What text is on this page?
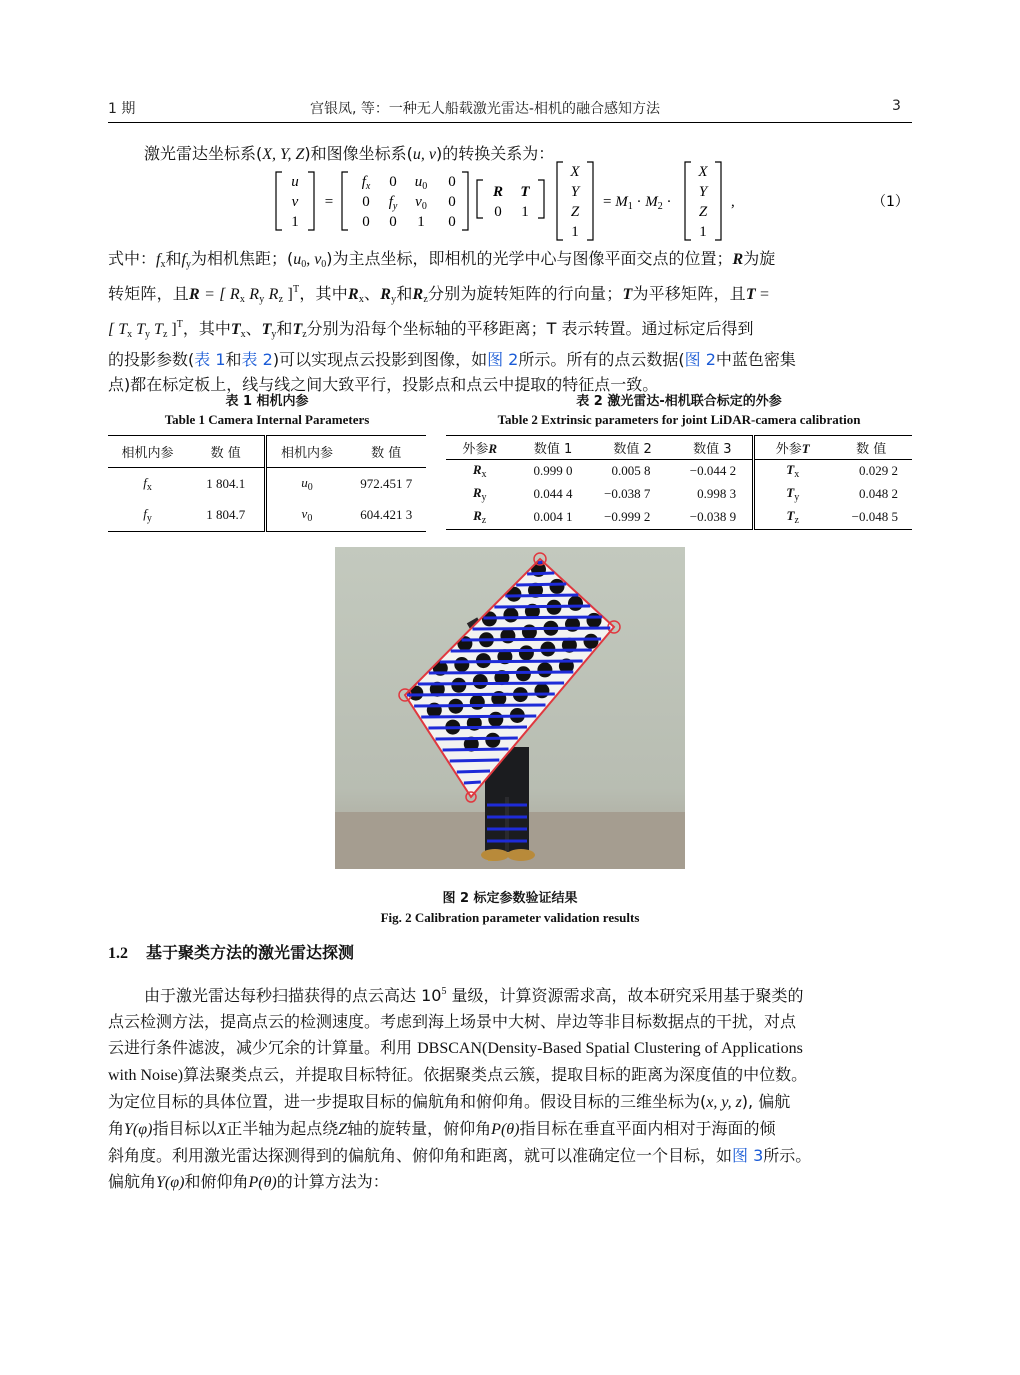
1 期	宫银凤, 等：一种无人船载激光雷达-相机的融合感知方法	3
激光雷达坐标系(X, Y, Z)和图像坐标系(u, v)的转换关系为：
u
v
1
=
$f_x$ 0 $u_0$ 0
0 $f_y$ $v_0$ 0
0 0 1 0
R T
0 1
X
Y
Z
1
= $M_1 \cdot M_2$ ·
X
Y
Z
1
,	（1）
式中：$f_x$和$f_y$为相机焦距；($u_0$, $v_0$)为主点坐标，即相机的光学中心与图像平面交点的位置；R为旋
转矩阵，且R = [ $R_x$ $R_y$ $R_z$ ]$^T$，其中$R_x$、$R_y$和$R_z$分别为旋转矩阵的行向量；T为平移矩阵，且T =
[ $T_x$ $T_y$ $T_z$ ]$^T$，其中$T_x$、$T_y$和$T_z$分别为沿每个坐标轴的平移距离；T 表示转置。通过标定后得到
的投影参数(表 1和表 2)可以实现点云投影到图像，如图 2所示。所有的点云数据(图 2中蓝色密集
点)都在标定板上，线与线之间大致平行，投影点和点云中提取的特征点一致。
表 1 相机内参
Table 1 Camera Internal Parameters
相机内参	数 值	相机内参	数 值
$f_x$	1 804.1	$u_0$	972.451 7
$f_y$	1 804.7	$v_0$	604.421 3
表 2 激光雷达-相机联合标定的外参
Table 2 Extrinsic parameters for joint LiDAR-camera calibration
外参R	数值 1	数值 2	数值 3	外参T	数 值
$R_x$	0.999 0	0.005 8	−0.044 2	$T_x$	0.029 2
$R_y$	0.044 4	−0.038 7	0.998 3	$T_y$	0.048 2
$R_z$	0.004 1	−0.999 2	−0.038 9	$T_z$	−0.048 5
图 2 标定参数验证结果
Fig. 2 Calibration parameter validation results
1.2 基于聚类方法的激光雷达探测
由于激光雷达每秒扫描获得的点云高达 $10^5$ 量级，计算资源需求高，故本研究采用基于聚类的
点云检测方法，提高点云的检测速度。考虑到海上场景中大树、岸边等非目标数据点的干扰，对点
云进行条件滤波，减少冗余的计算量。利用 DBSCAN(Density-Based Spatial Clustering of Applications
with Noise)算法聚类点云，并提取目标特征。依据聚类点云簇，提取目标的距离为深度值的中位数。
为定位目标的具体位置，进一步提取目标的偏航角和俯仰角。假设目标的三维坐标为(x, y, z), 偏航
角Y(φ)指目标以X正半轴为起点绕Z轴的旋转量，俯仰角P(θ)指目标在垂直平面内相对于海面的倾
斜角度。利用激光雷达探测得到的偏航角、俯仰角和距离，就可以准确定位一个目标，如图 3所示。
偏航角Y(φ)和俯仰角P(θ)的计算方法为：
